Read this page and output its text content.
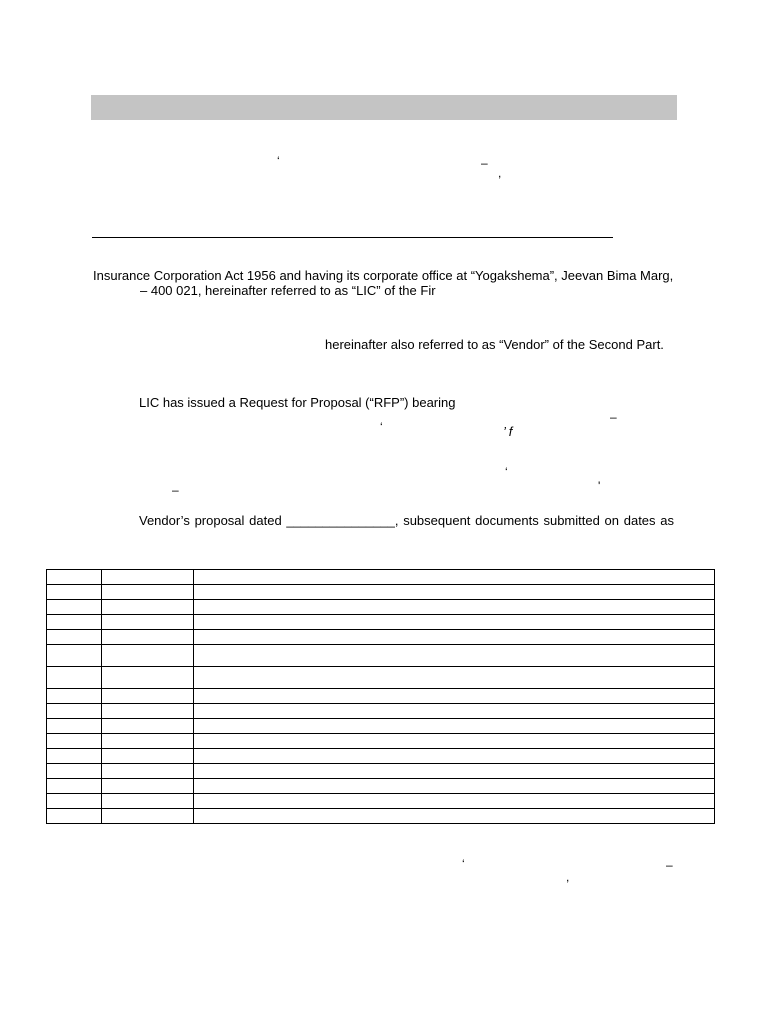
‘	–
,
Insurance Corporation Act 1956 and having its corporate office at “Yogakshema”, Jeevan Bima Marg,
– 400 021, hereinafter referred to as “LIC” of the Fir
hereinafter also referred to as “Vendor” of the Second Part.
LIC has issued a Request for Proposal (“RFP”) bearing
‘
–
’ f
‘
'
–
Vendor’s proposal dated _______________, subsequent documents submitted on dates as

‘	–
,
